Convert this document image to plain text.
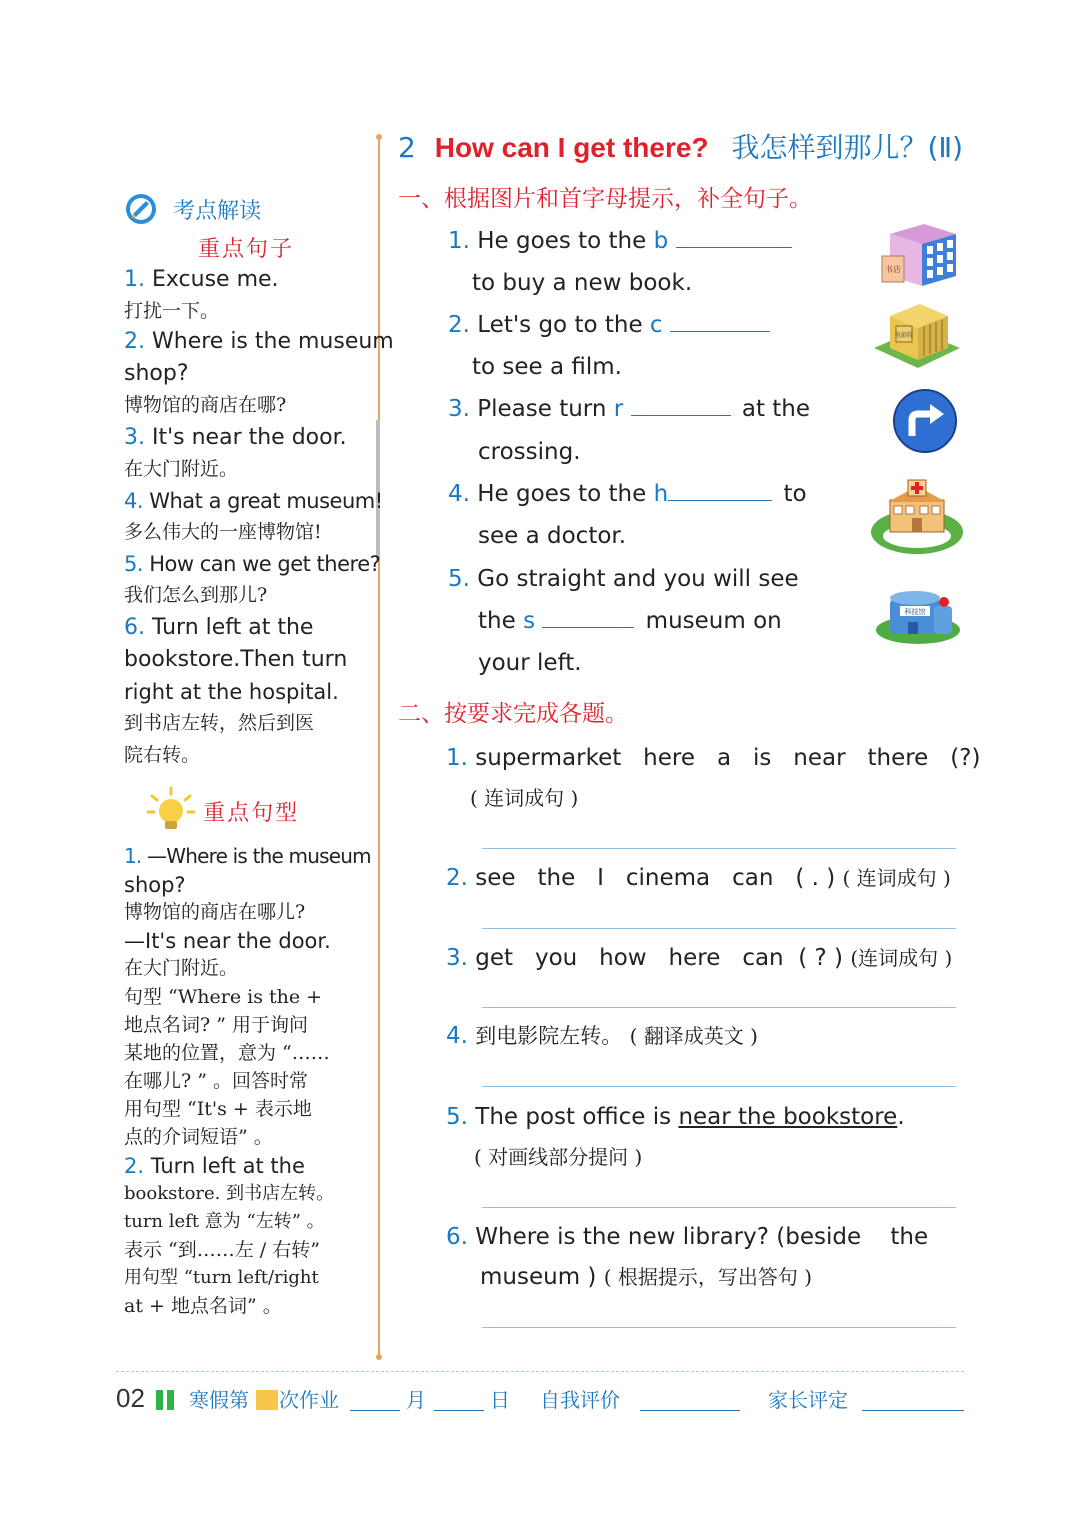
2 How can I get there? 我怎样到那儿？(Ⅱ)
考点解读
重点句子
1. Excuse me.
打扰一下。
2. Where is the museum
shop?
博物馆的商店在哪?
3. It's near the door.
在大门附近。
4. What a great museum!
多么伟大的一座博物馆!
5. How can we get there?
我们怎么到那儿?
6. Turn left at the
bookstore.Then turn
right at the hospital.
到书店左转，然后到医
院右转。
重点句型
1. —Where is the museum
shop?
博物馆的商店在哪儿?
—It's near the door.
在大门附近。
句型 “Where is the +
地点名词? ” 用于询问
某地的位置，意为 “……
在哪儿? ” 。回答时常
用句型 “It's + 表示地
点的介词短语” 。
2. Turn left at the
bookstore. 到书店左转。
turn left 意为 “左转” 。
表示 “到……左 / 右转”
用句型 “turn left/right
at + 地点名词” 。
一、根据图片和首字母提示，补全句子。
1. He goes to the b
to buy a new book.
2. Let's go to the c
to see a film.
3. Please turn r	at the
crossing.
4. He goes to the h	to
see a doctor.
5. Go straight and you will see
the s	museum on
your left.
书店
电影院
科技馆
二、按要求完成各题。
1. supermarket   here   a   is   near   there   (?)
( 连词成句 )
2. see   the   I   cinema   can   ( . ) ( 连词成句 )
3. get   you   how   here   can  ( ? ) (连词成句 )
4. 到电影院左转。 ( 翻译成英文 )
5. The post office is near the bookstore.
( 对画线部分提问 )
6. Where is the new library? (beside    the
museum ) ( 根据提示，写出答句 )
02 寒假第 次作业	月	日 自我评价	家长评定
